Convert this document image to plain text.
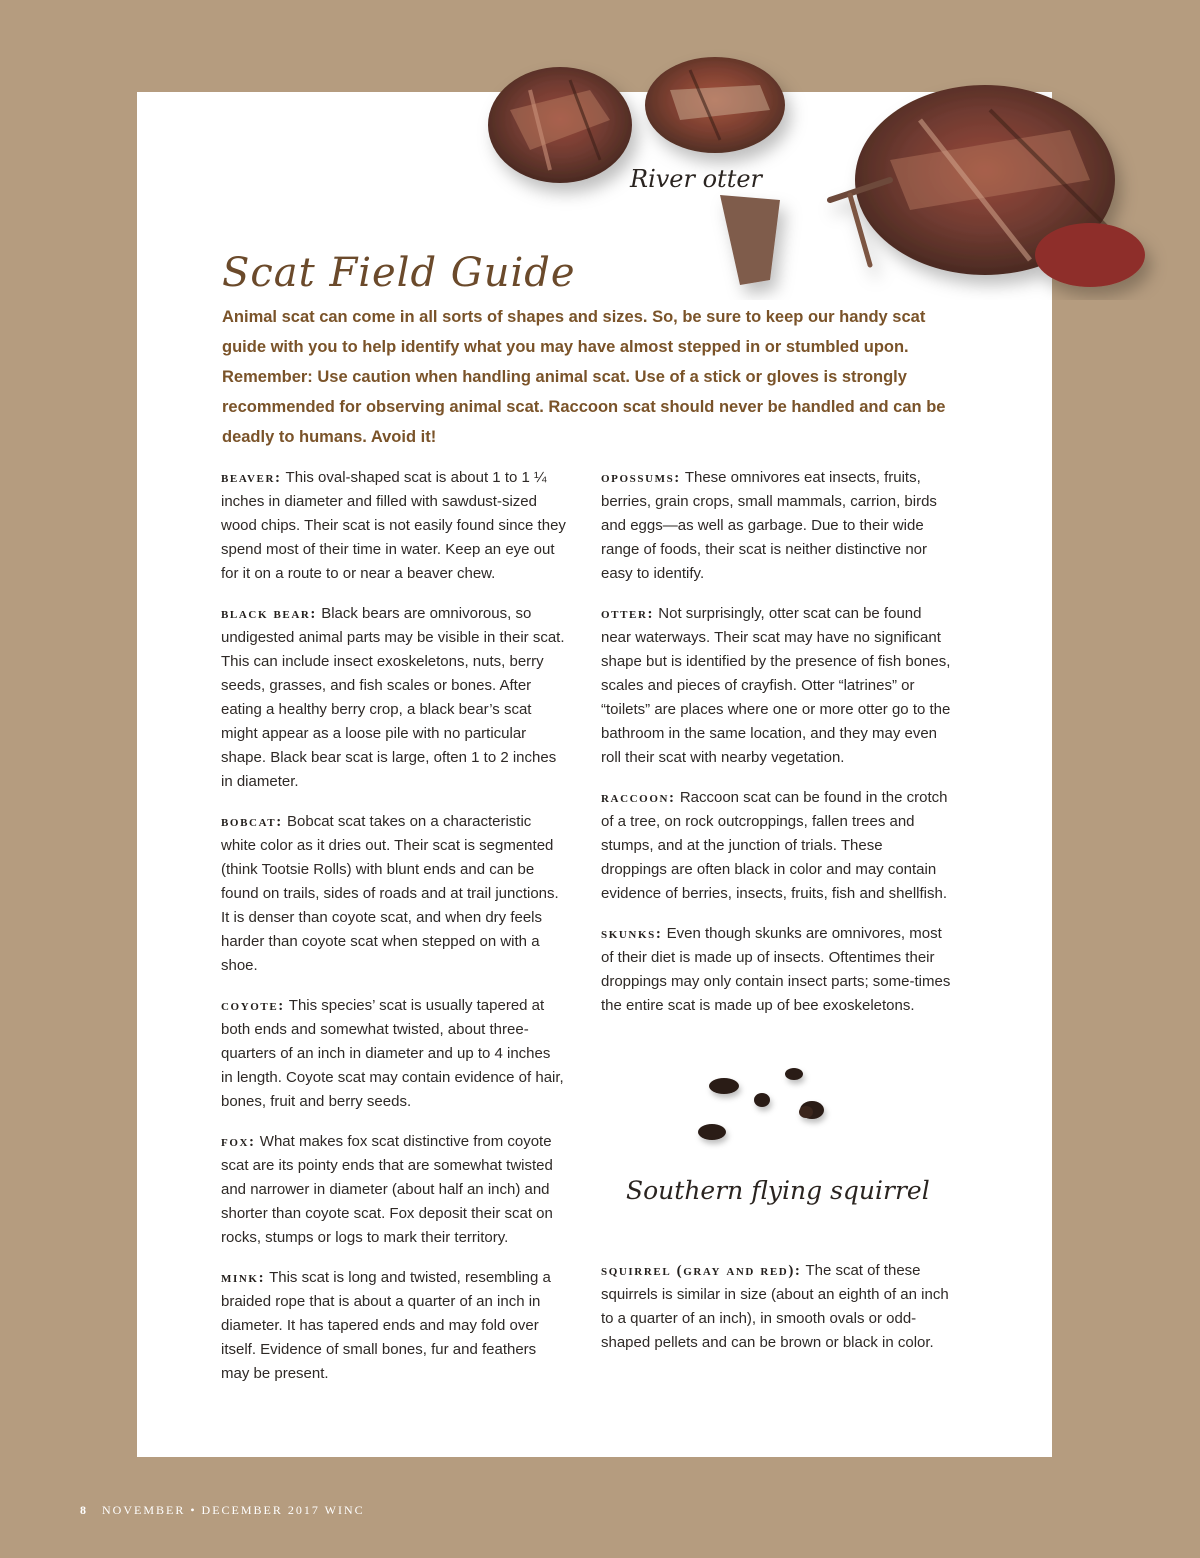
River otter
Scat Field Guide

Animal scat can come in all sorts of shapes and sizes. So, be sure to keep our handy scat guide with you to help identify what you may have almost stepped in or stumbled upon. Remember: Use caution when handling animal scat. Use of a stick or gloves is strongly recommended for observing animal scat. Raccoon scat should never be handled and can be deadly to humans. Avoid it!

beaver: This oval-shaped scat is about 1 to 1 ¼ inches in diameter and filled with sawdust-sized wood chips. Their scat is not easily found since they spend most of their time in water. Keep an eye out for it on a route to or near a beaver chew.

black bear: Black bears are omnivorous, so undigested animal parts may be visible in their scat. This can include insect exoskeletons, nuts, berry seeds, grasses, and fish scales or bones. After eating a healthy berry crop, a black bear’s scat might appear as a loose pile with no particular shape. Black bear scat is large, often 1 to 2 inches in diameter.

bobcat: Bobcat scat takes on a characteristic white color as it dries out. Their scat is segmented (think Tootsie Rolls) with blunt ends and can be found on trails, sides of roads and at trail junctions. It is denser than coyote scat, and when dry feels harder than coyote scat when stepped on with a shoe.

coyote: This species’ scat is usually tapered at both ends and somewhat twisted, about three-quarters of an inch in diameter and up to 4 inches in length. Coyote scat may contain evidence of hair, bones, fruit and berry seeds.

fox: What makes fox scat distinctive from coyote scat are its pointy ends that are somewhat twisted and narrower in diameter (about half an inch) and shorter than coyote scat. Fox deposit their scat on rocks, stumps or logs to mark their territory.

mink: This scat is long and twisted, resembling a braided rope that is about a quarter of an inch in diameter. It has tapered ends and may fold over itself. Evidence of small bones, fur and feathers may be present.

opossums: These omnivores eat insects, fruits, berries, grain crops, small mammals, carrion, birds and eggs—as well as garbage. Due to their wide range of foods, their scat is neither distinctive nor easy to identify.

otter: Not surprisingly, otter scat can be found near waterways. Their scat may have no significant shape but is identified by the presence of fish bones, scales and pieces of crayfish. Otter “latrines” or “toilets” are places where one or more otter go to the bathroom in the same location, and they may even roll their scat with nearby vegetation.

raccoon: Raccoon scat can be found in the crotch of a tree, on rock outcroppings, fallen trees and stumps, and at the junction of trials. These droppings are often black in color and may contain evidence of berries, insects, fruits, fish and shellfish.

skunks: Even though skunks are omnivores, most of their diet is made up of insects. Oftentimes their droppings may only contain insect parts; some-times the entire scat is made up of bee exoskeletons.

Southern flying squirrel

squirrel (gray and red): The scat of these squirrels is similar in size (about an eighth of an inch to a quarter of an inch), in smooth ovals or odd-shaped pellets and can be brown or black in color.

8 NOVEMBER • DECEMBER 2017 WINC
